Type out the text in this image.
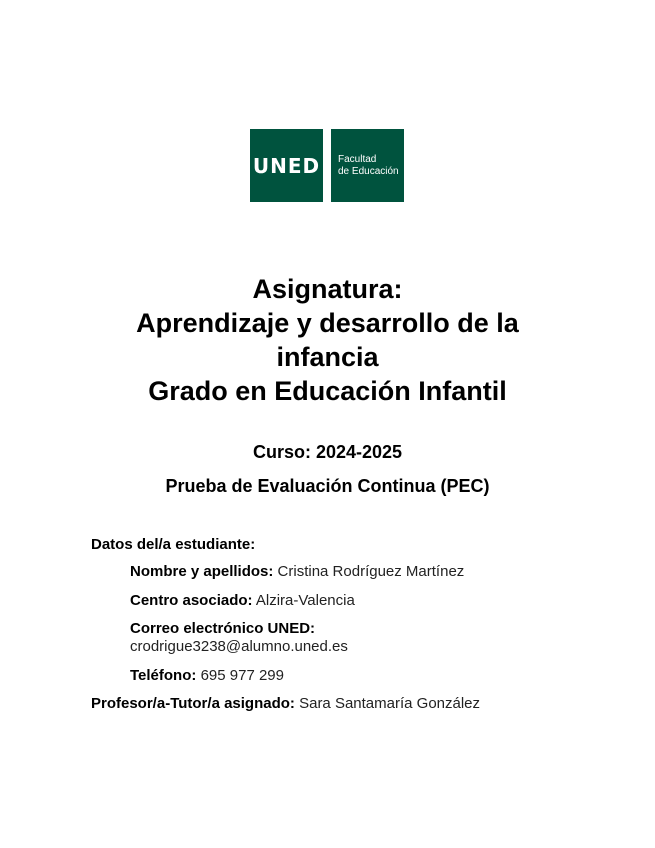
UNED Facultad
de Educación
Asignatura:
Aprendizaje y desarrollo de la
infancia
Grado en Educación Infantil
Curso: 2024-2025
Prueba de Evaluación Continua (PEC)
Datos del/a estudiante:
Nombre y apellidos: Cristina Rodríguez Martínez
Centro asociado: Alzira-Valencia
Correo electrónico UNED:
crodrigue3238@alumno.uned.es
Teléfono: 695 977 299
Profesor/a-Tutor/a asignado: Sara Santamaría González
